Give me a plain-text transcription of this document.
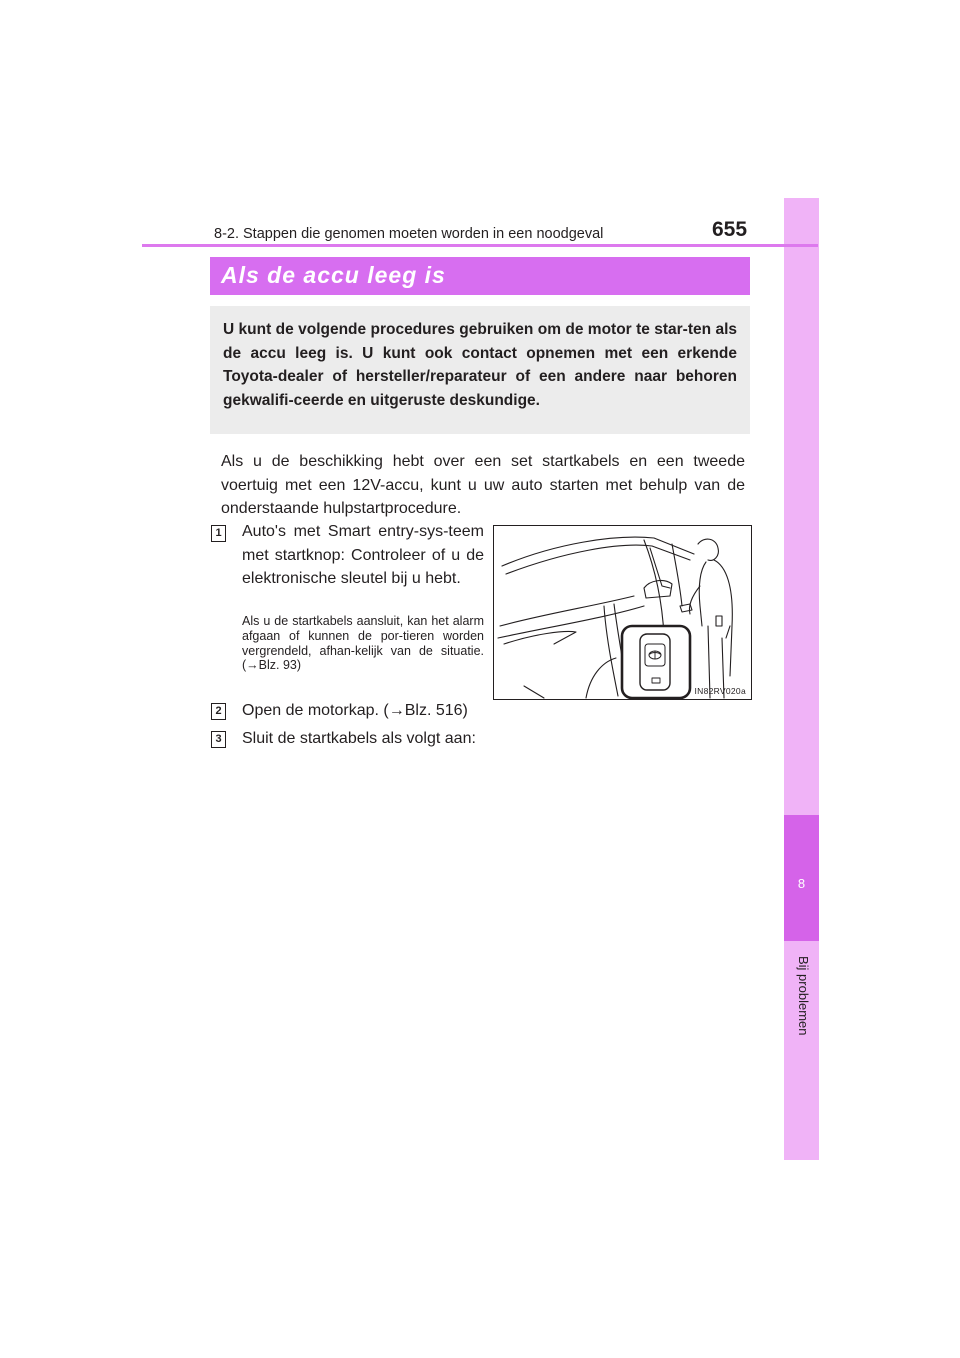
8
Bij problemen
8-2. Stappen die genomen moeten worden in een noodgeval	655
Als de accu leeg is

U kunt de volgende procedures gebruiken om de motor te star-ten als de accu leeg is. U kunt ook contact opnemen met een erkende Toyota-dealer of hersteller/reparateur of een andere naar behoren gekwalifi-ceerde en uitgeruste deskundige.

Als u de beschikking hebt over een set startkabels en een tweede voertuig met een 12V-accu, kunt u uw auto starten met behulp van de onderstaande hulpstartprocedure.

1 Auto's met Smart entry-sys-teem met startknop: Controleer of u de elektronische sleutel bij u hebt.

Als u de startkabels aansluit, kan het alarm afgaan of kunnen de por-tieren worden vergrendeld, afhan-kelijk van de situatie.(→Blz. 93)

IN82RV020a
2 Open de motorkap. (→Blz. 516)

3 Sluit de startkabels als volgt aan:
